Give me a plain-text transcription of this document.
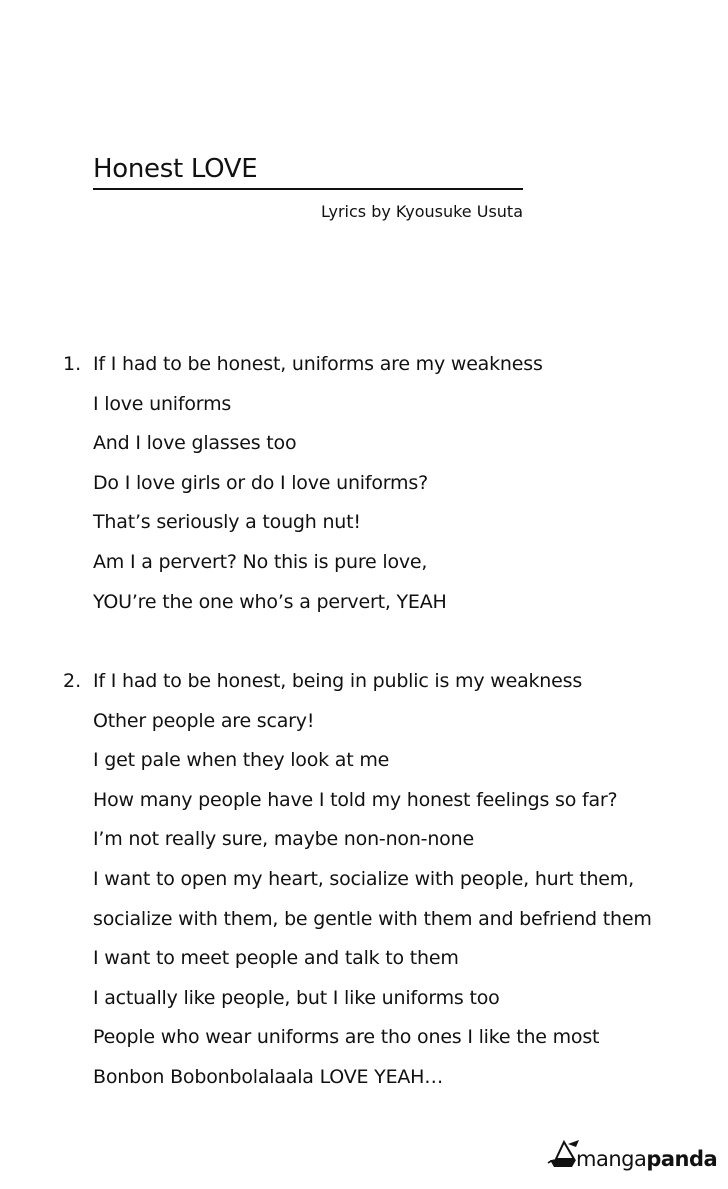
Honest LOVE
Lyrics by Kyousuke Usuta
1. If I had to be honest, uniforms are my weakness
I love uniforms
And I love glasses too
Do I love girls or do I love uniforms?
That’s seriously a tough nut!
Am I a pervert? No this is pure love,
YOU’re the one who’s a pervert, YEAH
2. If I had to be honest, being in public is my weakness
Other people are scary!
I get pale when they look at me
How many people have I told my honest feelings so far?
I’m not really sure, maybe non-non-none
I want to open my heart, socialize with people, hurt them,
socialize with them, be gentle with them and befriend them
I want to meet people and talk to them
I actually like people, but I like uniforms too
People who wear uniforms are tho ones I like the most
Bonbon Bobonbolalaala LOVE YEAH…
mangapanda
